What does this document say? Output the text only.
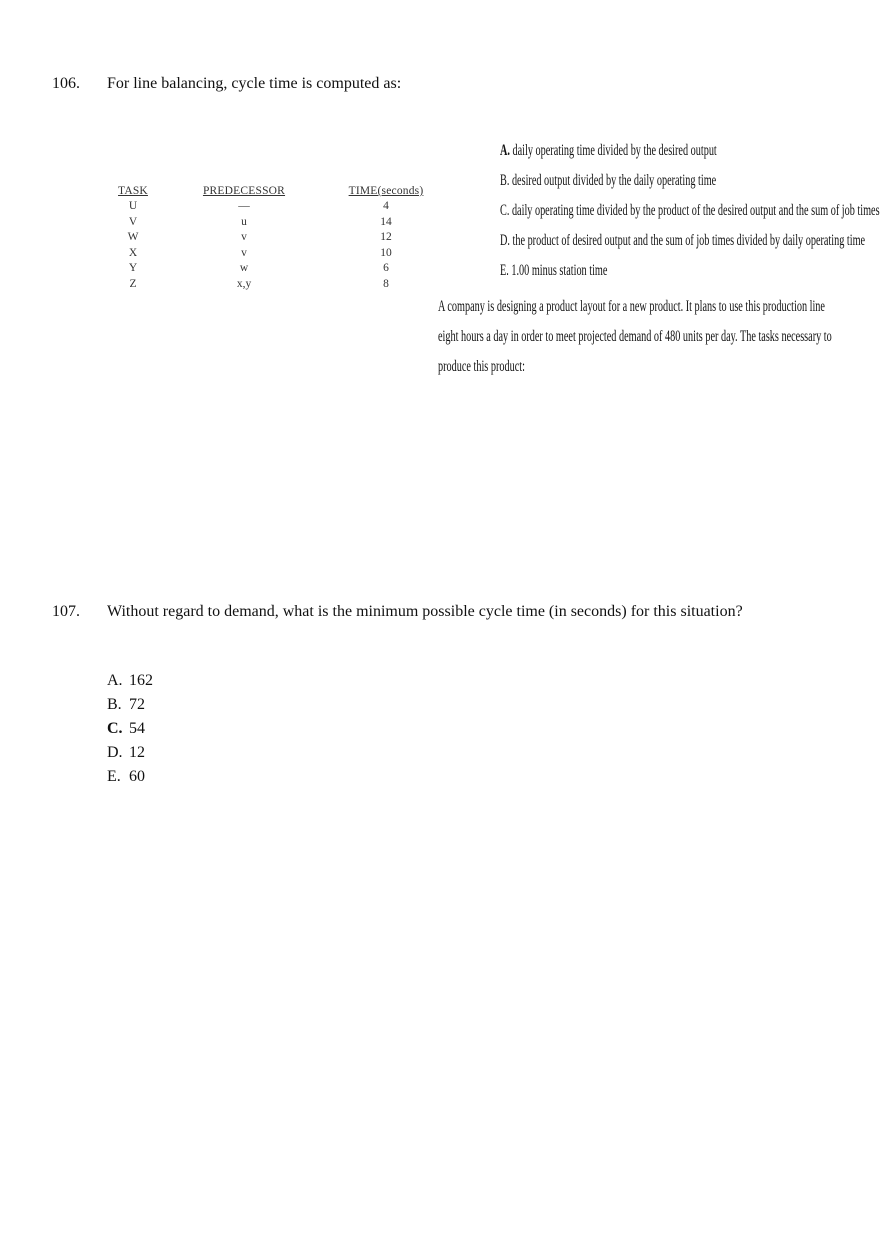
106. For line balancing, cycle time is computed as:
TASK	PREDECESSOR	TIME(seconds)
U	—	4
V	u	14
W	v	12
X	v	10
Y	w	6
Z	x,y	8
A. daily operating time divided by the desired output
B. desired output divided by the daily operating time
C. daily operating time divided by the product of the desired output and the sum of job times
D. the product of desired output and the sum of job times divided by daily operating time
E. 1.00 minus station time
A company is designing a product layout for a new product. It plans to use this production line eight hours a day in order to meet projected demand of 480 units per day. The tasks necessary to produce this product:
107. Without regard to demand, what is the minimum possible cycle time (in seconds) for this situation?
A. 162
B. 72
C. 54
D. 12
E. 60
